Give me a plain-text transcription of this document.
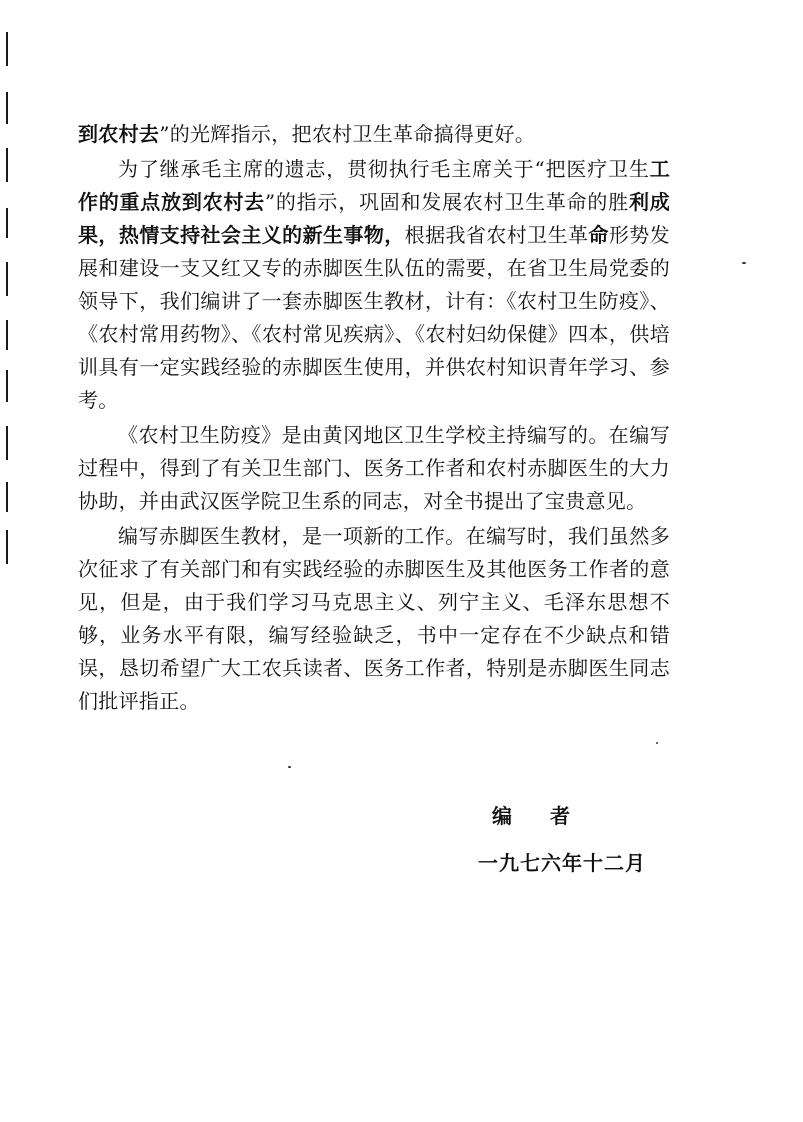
到农村去”的光辉指示，把农村卫生革命搞得更好。

为了继承毛主席的遗志，贯彻执行毛主席关于“把医疗卫生工作的重点放到农村去”的指示，巩固和发展农村卫生革命的胜利成果，热情支持社会主义的新生事物，根据我省农村卫生革命形势发展和建设一支又红又专的赤脚医生队伍的需要，在省卫生局党委的领导下，我们编讲了一套赤脚医生教材，计有：《农村卫生防疫》、《农村常用药物》、《农村常见疾病》、《农村妇幼保健》四本，供培训具有一定实践经验的赤脚医生使用，并供农村知识青年学习、参考。

《农村卫生防疫》是由黄冈地区卫生学校主持编写的。在编写过程中，得到了有关卫生部门、医务工作者和农村赤脚医生的大力协助，并由武汉医学院卫生系的同志，对全书提出了宝贵意见。

编写赤脚医生教材，是一项新的工作。在编写时，我们虽然多次征求了有关部门和有实践经验的赤脚医生及其他医务工作者的意见，但是，由于我们学习马克思主义、列宁主义、毛泽东思想不够，业务水平有限，编写经验缺乏，书中一定存在不少缺点和错误，恳切希望广大工农兵读者、医务工作者，特别是赤脚医生同志们批评指正。

编者
一九七六年十二月
